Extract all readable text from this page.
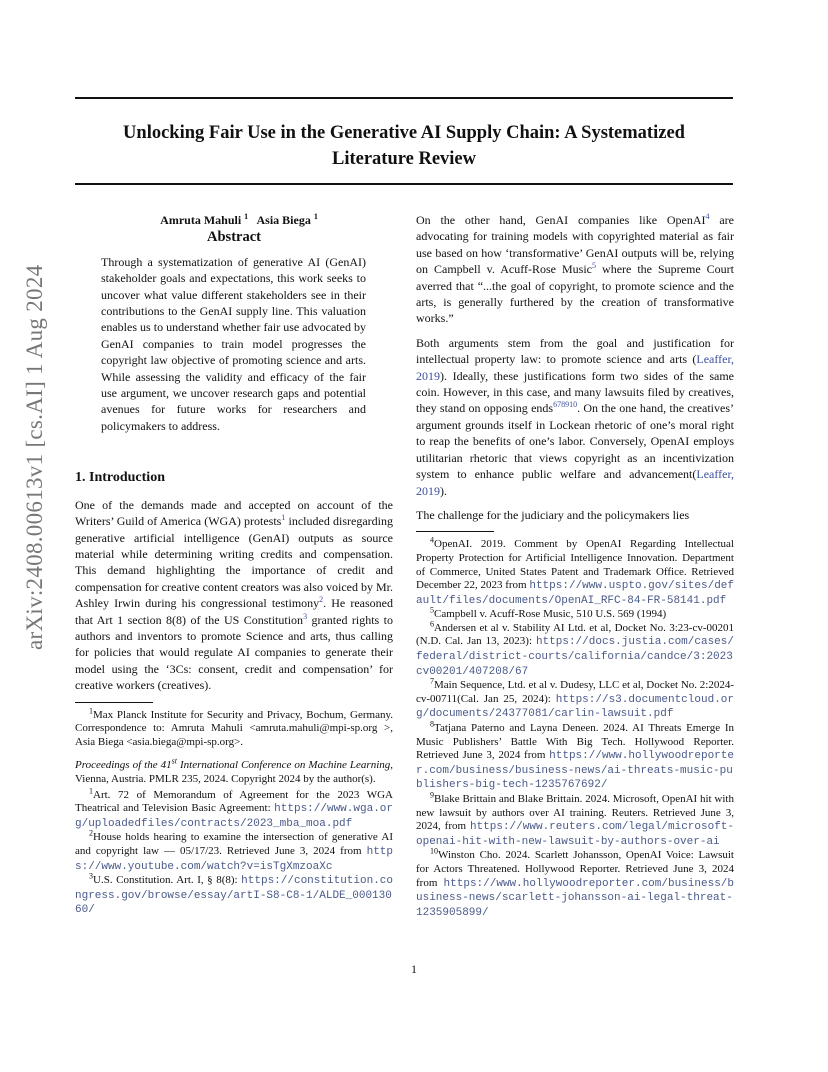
arXiv:2408.00613v1 [cs.AI] 1 Aug 2024
Unlocking Fair Use in the Generative AI Supply Chain: A Systematized
Literature Review
Amruta Mahuli $^1$ Asia Biega $^1$
Abstract

Through a systematization of generative AI (GenAI) stakeholder goals and expectations, this work seeks to uncover what value different stakeholders see in their contributions to the GenAI supply line. This valuation enables us to understand whether fair use advocated by GenAI companies to train model progresses the copyright law objective of promoting science and arts. While assessing the validity and efficacy of the fair use argument, we uncover research gaps and potential avenues for future works for researchers and policymakers to address.

1. Introduction

One of the demands made and accepted on account of the Writers’ Guild of America (WGA) protests$^1$ included disregarding generative artificial intelligence (GenAI) outputs as source material while determining writing credits and compensation. This demand highlighting the importance of credit and compensation for creative content creators was also voiced by Mr. Ashley Irwin during his congressional testimony$^2$. He reasoned that Art 1 section 8(8) of the US Constitution$^3$ granted rights to authors and inventors to promote Science and arts, thus calling for policies that would regulate AI companies to generate their model using the ‘3Cs: consent, credit and compensation’ for creative workers (creatives).

$^1$Max Planck Institute for Security and Privacy, Bochum, Germany. Correspondence to: Amruta Mahuli <amruta.mahuli@mpi-sp.org >, Asia Biega <asia.biega@mpi-sp.org>.

Proceedings of the 41st International Conference on Machine Learning, Vienna, Austria. PMLR 235, 2024. Copyright 2024 by the author(s).

$^1$Art. 72 of Memorandum of Agreement for the 2023 WGA Theatrical and Television Basic Agreement: https://www.wga.org/uploadedfiles/contracts/2023_mba_moa.pdf

$^2$House holds hearing to examine the intersection of generative AI and copyright law — 05/17/23. Retrieved June 3, 2024 from https://www.youtube.com/watch?v=isTgXmzoaXc

$^3$U.S. Constitution. Art. I, § 8(8): https://constitution.congress.gov/browse/essay/artI-S8-C8-1/ALDE_00013060/

On the other hand, GenAI companies like OpenAI$^4$ are advocating for training models with copyrighted material as fair use based on how ‘transformative’ GenAI outputs will be, relying on Campbell v. Acuff-Rose Music$^5$ where the Supreme Court averred that “...the goal of copyright, to promote science and the arts, is generally furthered by the creation of transformative works.”

Both arguments stem from the goal and justification for intellectual property law: to promote science and arts (Leaffer, 2019). Ideally, these justifications form two sides of the same coin. However, in this case, and many lawsuits filed by creatives, they stand on opposing ends$^{678910}$. On the one hand, the creatives’ argument grounds itself in Lockean rhetoric of one’s moral right to reap the benefits of one’s labor. Conversely, OpenAI employs utilitarian rhetoric that views copyright as an incentivization system to enhance public welfare and advancement(Leaffer, 2019).

The challenge for the judiciary and the policymakers lies

$^4$OpenAI. 2019. Comment by OpenAI Regarding Intellectual Property Protection for Artificial Intelligence Innovation. Department of Commerce, United States Patent and Trademark Office. Retrieved December 22, 2023 from https://www.uspto.gov/sites/default/files/documents/OpenAI_RFC-84-FR-58141.pdf

$^5$Campbell v. Acuff-Rose Music, 510 U.S. 569 (1994)

$^6$Andersen et al v. Stability AI Ltd. et al, Docket No. 3:23-cv-00201 (N.D. Cal. Jan 13, 2023): https://docs.justia.com/cases/federal/district-courts/california/candce/3:2023cv00201/407208/67

$^7$Main Sequence, Ltd. et al v. Dudesy, LLC et al, Docket No. 2:2024-cv-00711(Cal. Jan 25, 2024): https://s3.documentcloud.org/documents/24377081/carlin-lawsuit.pdf

$^8$Tatjana Paterno and Layna Deneen. 2024. AI Threats Emerge In Music Publishers’ Battle With Big Tech. Hollywood Reporter. Retrieved June 3, 2024 from https://www.hollywoodreporter.com/business/business-news/ai-threats-music-publishers-big-tech-1235767692/

$^9$Blake Brittain and Blake Brittain. 2024. Microsoft, OpenAI hit with new lawsuit by authors over AI training. Reuters. Retrieved June 3, 2024, from https://www.reuters.com/legal/microsoft-openai-hit-with-new-lawsuit-by-authors-over-ai

$^{10}$Winston Cho. 2024. Scarlett Johansson, OpenAI Voice: Lawsuit for Actors Threatened. Hollywood Reporter. Retrieved June 3, 2024 from https://www.hollywoodreporter.com/business/business-news/scarlett-johansson-ai-legal-threat-1235905899/

1
